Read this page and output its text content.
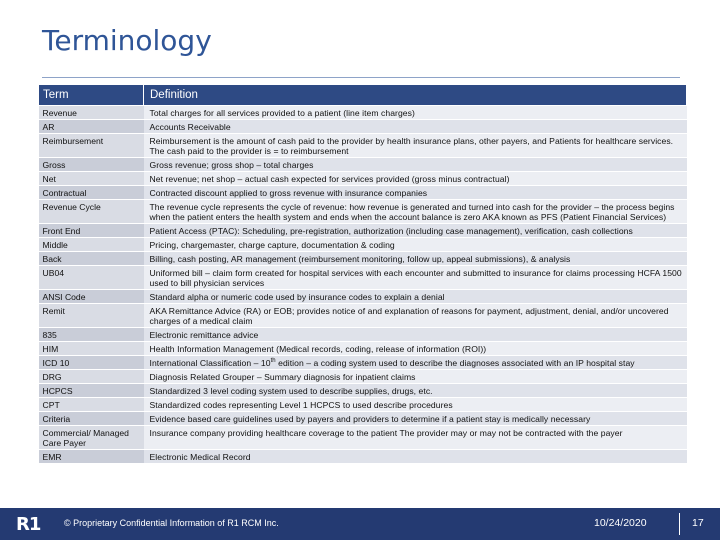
Terminology
Term	Definition
Revenue	Total charges for all services provided to a patient (line item charges)
AR	Accounts Receivable
Reimbursement	Reimbursement is the amount of cash paid to the provider by health insurance plans, other payers, and Patients for healthcare services. The cash paid to the provider is = to reimbursement
Gross	Gross revenue; gross shop – total charges
Net	Net revenue; net shop – actual cash expected for services provided (gross minus contractual)
Contractual	Contracted discount applied to gross revenue with insurance companies
Revenue Cycle	The revenue cycle represents the cycle of revenue: how revenue is generated and turned into cash for the provider – the process begins when the patient enters the health system and ends when the account balance is zero AKA known as PFS (Patient Financial Services)
Front End	Patient Access (PTAC): Scheduling, pre-registration, authorization (including case management), verification, cash collections
Middle	Pricing, chargemaster, charge capture, documentation & coding
Back	Billing, cash posting, AR management (reimbursement monitoring, follow up, appeal submissions), & analysis
UB04	Uniformed bill – claim form created for hospital services with each encounter and submitted to insurance for claims processing HCFA 1500 used to bill physician services
ANSI Code	Standard alpha or numeric code used by insurance codes to explain a denial
Remit	AKA Remittance Advice (RA) or EOB; provides notice of and explanation of reasons for payment, adjustment, denial, and/or uncovered charges of a medical claim
835	Electronic remittance advice
HIM	Health Information Management (Medical records, coding, release of information (ROI))
ICD 10	International Classification – 10th edition – a coding system used to describe the diagnoses associated with an IP hospital stay
DRG	Diagnosis Related Grouper – Summary diagnosis for inpatient claims
HCPCS	Standardized 3 level coding system used to describe supplies, drugs, etc.
CPT	Standardized codes representing Level 1 HCPCS to used describe procedures
Criteria	Evidence based care guidelines used by payers and providers to determine if a patient stay is medically necessary
Commercial/ Managed Care Payer	Insurance company providing healthcare coverage to the patient The provider may or may not be contracted with the payer
EMR	Electronic Medical Record
R1	© Proprietary Confidential Information of R1 RCM Inc.	10/24/2020	17
